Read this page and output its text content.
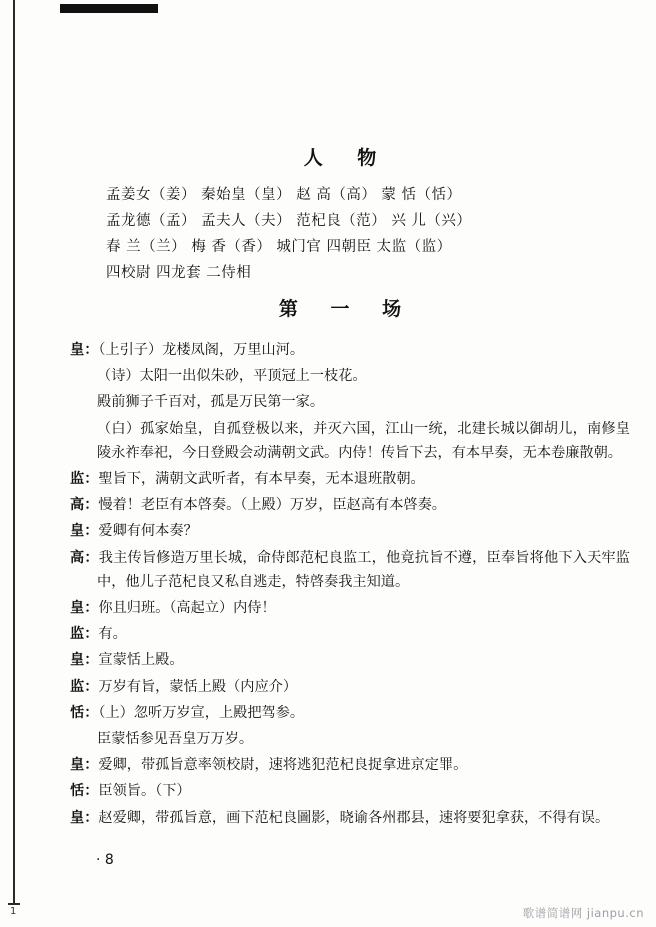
1
人 物
孟姜女（姜） 秦始皇（皇） 赵 高（高） 蒙 恬（恬）
孟龙德（孟） 孟夫人（夫） 范杞良（范） 兴 儿（兴）
春 兰（兰） 梅 香（香） 城门官 四朝臣 太监（监）
四校尉 四龙套 二侍相
第 一 场
皇：（上引子）龙楼凤阁，万里山河。
（诗）太阳一出似朱砂，平顶冠上一枝花。
殿前狮子千百对，孤是万民第一家。
（白）孤家始皇，自孤登极以来，并灭六国，江山一统，北建长城以御胡儿，南修皇陵永祚奉祀，今日登殿会动满朝文武。内侍！传旨下去，有本早奏，无本卷廉散朝。
监：聖旨下，满朝文武听者，有本早奏，无本退班散朝。
高：慢着！老臣有本啓奏。（上殿）万岁，臣赵高有本啓奏。
皇：爱卿有何本奏？
高：我主传旨修造万里长城，命侍郎范杞良监工，他竟抗旨不遵，臣奉旨将他下入天牢监中，他儿子范杞良又私自逃走，特啓奏我主知道。
皇：你且归班。（高起立）内侍！
监：有。
皇：宣蒙恬上殿。
监：万岁有旨，蒙恬上殿（内应介）
恬：（上）忽听万岁宣，上殿把驾参。
臣蒙恬参见吾皇万万岁。
皇：爱卿，带孤旨意率领校尉，速将逃犯范杞良捉拿进京定罪。
恬：臣领旨。（下）
皇：赵爱卿，带孤旨意，画下范杞良圖影，晓谕各州郡县，速将要犯拿获，不得有误。
· 8
歌谱简谱网 jianpu.cn
